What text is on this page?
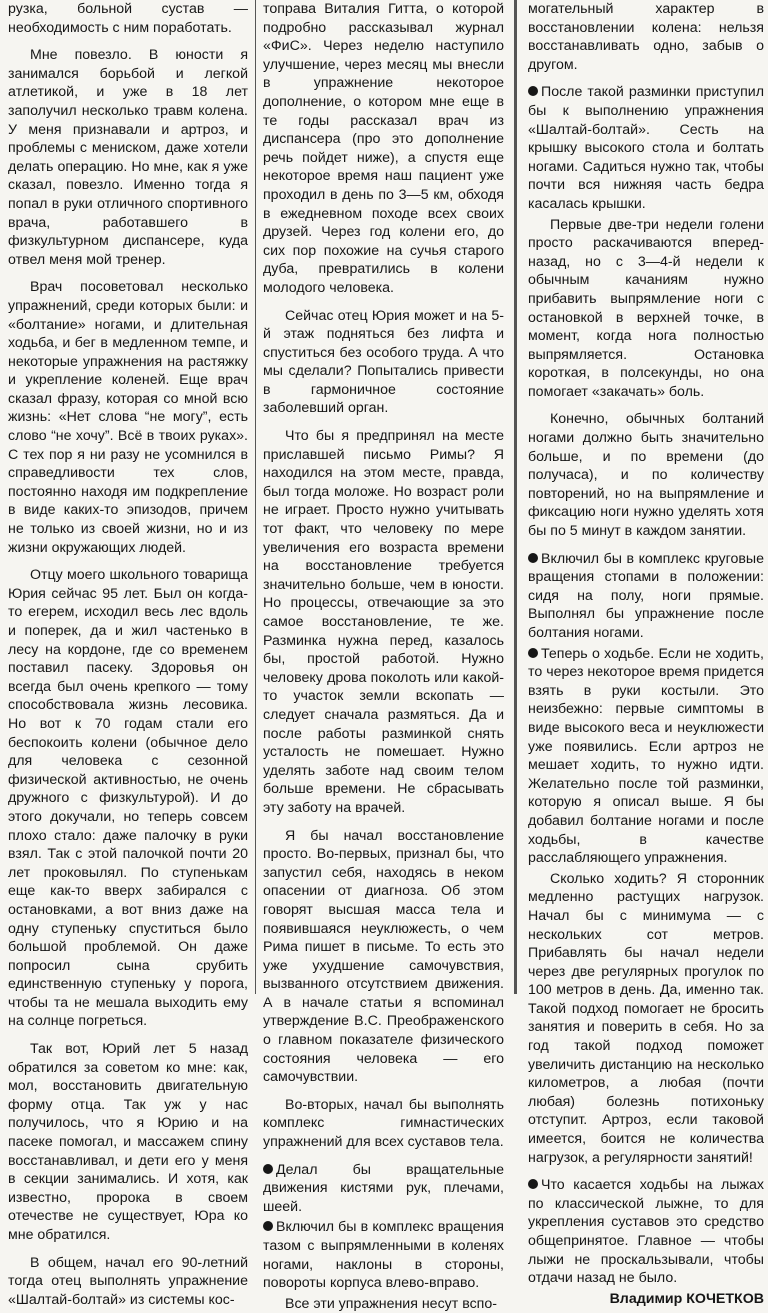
рузка, больной сустав — необходимость с ним поработать.

Мне повезло. В юности я занимался борьбой и легкой атлетикой, и уже в 18 лет заполучил несколько травм колена. У меня признавали и артроз, и проблемы с мениском, даже хотели делать операцию. Но мне, как я уже сказал, повезло. Именно тогда я попал в руки отличного спортивного врача, работавшего в физкультурном диспансере, куда отвел меня мой тренер.

Врач посоветовал несколько упражнений, среди которых были: и «болтание» ногами, и длительная ходьба, и бег в медленном темпе, и некоторые упражнения на растяжку и укрепление коленей. Еще врач сказал фразу, которая со мной всю жизнь: «Нет слова “не могу”, есть слово “не хочу”. Всё в твоих руках». С тех пор я ни разу не усомнился в справедливости тех слов, постоянно находя им подкрепление в виде каких-то эпизодов, причем не только из своей жизни, но и из жизни окружающих людей.

Отцу моего школьного товарища Юрия сейчас 95 лет. Был он когда-то егерем, исходил весь лес вдоль и поперек, да и жил частенько в лесу на кордоне, где со временем поставил пасеку. Здоровья он всегда был очень крепкого — тому способствовала жизнь лесовика. Но вот к 70 годам стали его беспокоить колени (обычное дело для человека с сезонной физической активностью, не очень дружного с физкультурой). И до этого докучали, но теперь совсем плохо стало: даже палочку в руки взял. Так с этой палочкой почти 20 лет проковылял. По ступенькам еще как-то вверх забирался с остановками, а вот вниз даже на одну ступеньку спуститься было большой проблемой. Он даже попросил сына срубить единственную ступеньку у порога, чтобы та не мешала выходить ему на солнце погреться.

Так вот, Юрий лет 5 назад обратился за советом ко мне: как, мол, восстановить двигательную форму отца. Так уж у нас получилось, что я Юрию и на пасеке помогал, и массажем спину восстанавливал, и дети его у меня в секции занимались. И хотя, как известно, пророка в своем отечестве не существует, Юра ко мне обратился.

В общем, начал его 90-летний тогда отец выполнять упражнение «Шалтай-болтай» из системы кос-

топрава Виталия Гитта, о которой подробно рассказывал журнал «ФиС». Через неделю наступило улучшение, через месяц мы внесли в упражнение некоторое дополнение, о котором мне еще в те годы рассказал врач из диспансера (про это дополнение речь пойдет ниже), а спустя еще некоторое время наш пациент уже проходил в день по 3—5 км, обходя в ежедневном походе всех своих друзей. Через год колени его, до сих пор похожие на сучья старого дуба, превратились в колени молодого человека.

Сейчас отец Юрия может и на 5-й этаж подняться без лифта и спуститься без особого труда. А что мы сделали? Попытались привести в гармоничное состояние заболевший орган.

Что бы я предпринял на месте приславшей письмо Римы? Я находился на этом месте, правда, был тогда моложе. Но возраст роли не играет. Просто нужно учитывать тот факт, что человеку по мере увеличения его возраста времени на восстановление требуется значительно больше, чем в юности. Но процессы, отвечающие за это самое восстановление, те же. Разминка нужна перед, казалось бы, простой работой. Нужно человеку дрова поколоть или какой-то участок земли вскопать — следует сначала размяться. Да и после работы разминкой снять усталость не помешает. Нужно уделять заботе над своим телом больше времени. Не сбрасывать эту заботу на врачей.

Я бы начал восстановление просто. Во-первых, признал бы, что запустил себя, находясь в неком опасении от диагноза. Об этом говорят высшая масса тела и появившаяся неуклюжесть, о чем Рима пишет в письме. То есть это уже ухудшение самочувствия, вызванного отсутствием движения. А в начале статьи я вспоминал утверждение В.С. Преображенского о главном показателе физического состояния человека — его самочувствии.

Во-вторых, начал бы выполнять комплекс гимнастических упражнений для всех суставов тела.

Делал бы вращательные движения кистями рук, плечами, шеей.

Включил бы в комплекс вращения тазом с выпрямленными в коленях ногами, наклоны в стороны, повороты корпуса влево-вправо.

Все эти упражнения несут вспо-

могательный характер в восстановлении колена: нельзя восстанавливать одно, забыв о другом.

После такой разминки приступил бы к выполнению упражнения «Шалтай-болтай». Сесть на крышку высокого стола и болтать ногами. Садиться нужно так, чтобы почти вся нижняя часть бедра касалась крышки.

Первые две-три недели голени просто раскачиваются вперед-назад, но с 3—4-й недели к обычным качаниям нужно прибавить выпрямление ноги с остановкой в верхней точке, в момент, когда нога полностью выпрямляется. Остановка короткая, в полсекунды, но она помогает «закачать» боль.

Конечно, обычных болтаний ногами должно быть значительно больше, и по времени (до получаса), и по количеству повторений, но на выпрямление и фиксацию ноги нужно уделять хотя бы по 5 минут в каждом занятии.

Включил бы в комплекс круговые вращения стопами в положении: сидя на полу, ноги прямые. Выполнял бы упражнение после болтания ногами.

Теперь о ходьбе. Если не ходить, то через некоторое время придется взять в руки костыли. Это неизбежно: первые симптомы в виде высокого веса и неуклюжести уже появились. Если артроз не мешает ходить, то нужно идти. Желательно после той разминки, которую я описал выше. Я бы добавил болтание ногами и после ходьбы, в качестве расслабляющего упражнения.

Сколько ходить? Я сторонник медленно растущих нагрузок. Начал бы с минимума — с нескольких сот метров. Прибавлять бы начал недели через две регулярных прогулок по 100 метров в день. Да, именно так. Такой подход помогает не бросить занятия и поверить в себя. Но за год такой подход поможет увеличить дистанцию на несколько километров, а любая (почти любая) болезнь потихоньку отступит. Артроз, если таковой имеется, боится не количества нагрузок, а регулярности занятий!

Что касается ходьбы на лыжах по классической лыжне, то для укрепления суставов это средство общепринятое. Главное — чтобы лыжи не проскальзывали, чтобы отдачи назад не было.

Владимир КОЧЕТКОВ
